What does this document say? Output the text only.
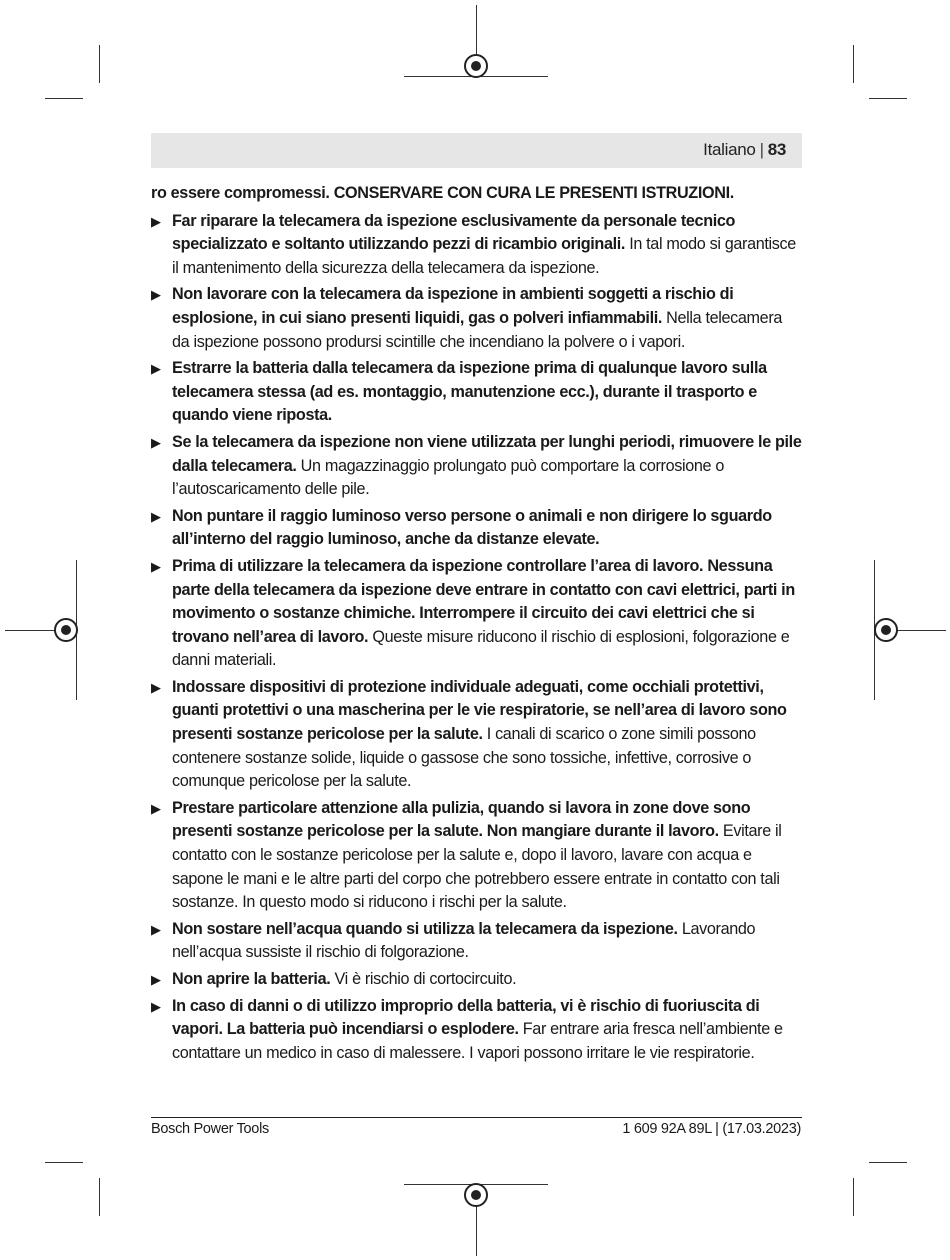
Italiano | 83

ro essere compromessi. CONSERVARE CON CURA LE PRESENTI ISTRUZIONI.

▶ Far riparare la telecamera da ispezione esclusivamente da personale tecnico specializzato e soltanto utilizzando pezzi di ricambio originali. In tal modo si garantisce il mantenimento della sicurezza della telecamera da ispezione.

▶ Non lavorare con la telecamera da ispezione in ambienti soggetti a rischio di esplosione, in cui siano presenti liquidi, gas o polveri infiammabili. Nella telecamera da ispezione possono prodursi scintille che incendiano la polvere o i vapori.

▶ Estrarre la batteria dalla telecamera da ispezione prima di qualunque lavoro sulla telecamera stessa (ad es. montaggio, manutenzione ecc.), durante il trasporto e quando viene riposta.

▶ Se la telecamera da ispezione non viene utilizzata per lunghi periodi, rimuovere le pile dalla telecamera. Un magazzinaggio prolungato può comportare la corrosione o l’autoscaricamento delle pile.

▶ Non puntare il raggio luminoso verso persone o animali e non dirigere lo sguardo all’interno del raggio luminoso, anche da distanze elevate.

▶ Prima di utilizzare la telecamera da ispezione controllare l’area di lavoro. Nessuna parte della telecamera da ispezione deve entrare in contatto con cavi elettrici, parti in movimento o sostanze chimiche. Interrompere il circuito dei cavi elettrici che si trovano nell’area di lavoro. Queste misure riducono il rischio di esplosioni, folgorazione e danni materiali.

▶ Indossare dispositivi di protezione individuale adeguati, come occhiali protettivi, guanti protettivi o una mascherina per le vie respiratorie, se nell’area di lavoro sono presenti sostanze pericolose per la salute. I canali di scarico o zone simili possono contenere sostanze solide, liquide o gassose che sono tossiche, infettive, corrosive o comunque pericolose per la salute.

▶ Prestare particolare attenzione alla pulizia, quando si lavora in zone dove sono presenti sostanze pericolose per la salute. Non mangiare durante il lavoro. Evitare il contatto con le sostanze pericolose per la salute e, dopo il lavoro, lavare con acqua e sapone le mani e le altre parti del corpo che potrebbero essere entrate in contatto con tali sostanze. In questo modo si riducono i rischi per la salute.

▶ Non sostare nell’acqua quando si utilizza la telecamera da ispezione. Lavorando nell’acqua sussiste il rischio di folgorazione.

▶ Non aprire la batteria. Vi è rischio di cortocircuito.

▶ In caso di danni o di utilizzo improprio della batteria, vi è rischio di fuoriuscita di vapori. La batteria può incendiarsi o esplodere. Far entrare aria fresca nell’ambiente e contattare un medico in caso di malessere. I vapori possono irritare le vie respiratorie.

Bosch Power Tools	1 609 92A 89L | (17.03.2023)
